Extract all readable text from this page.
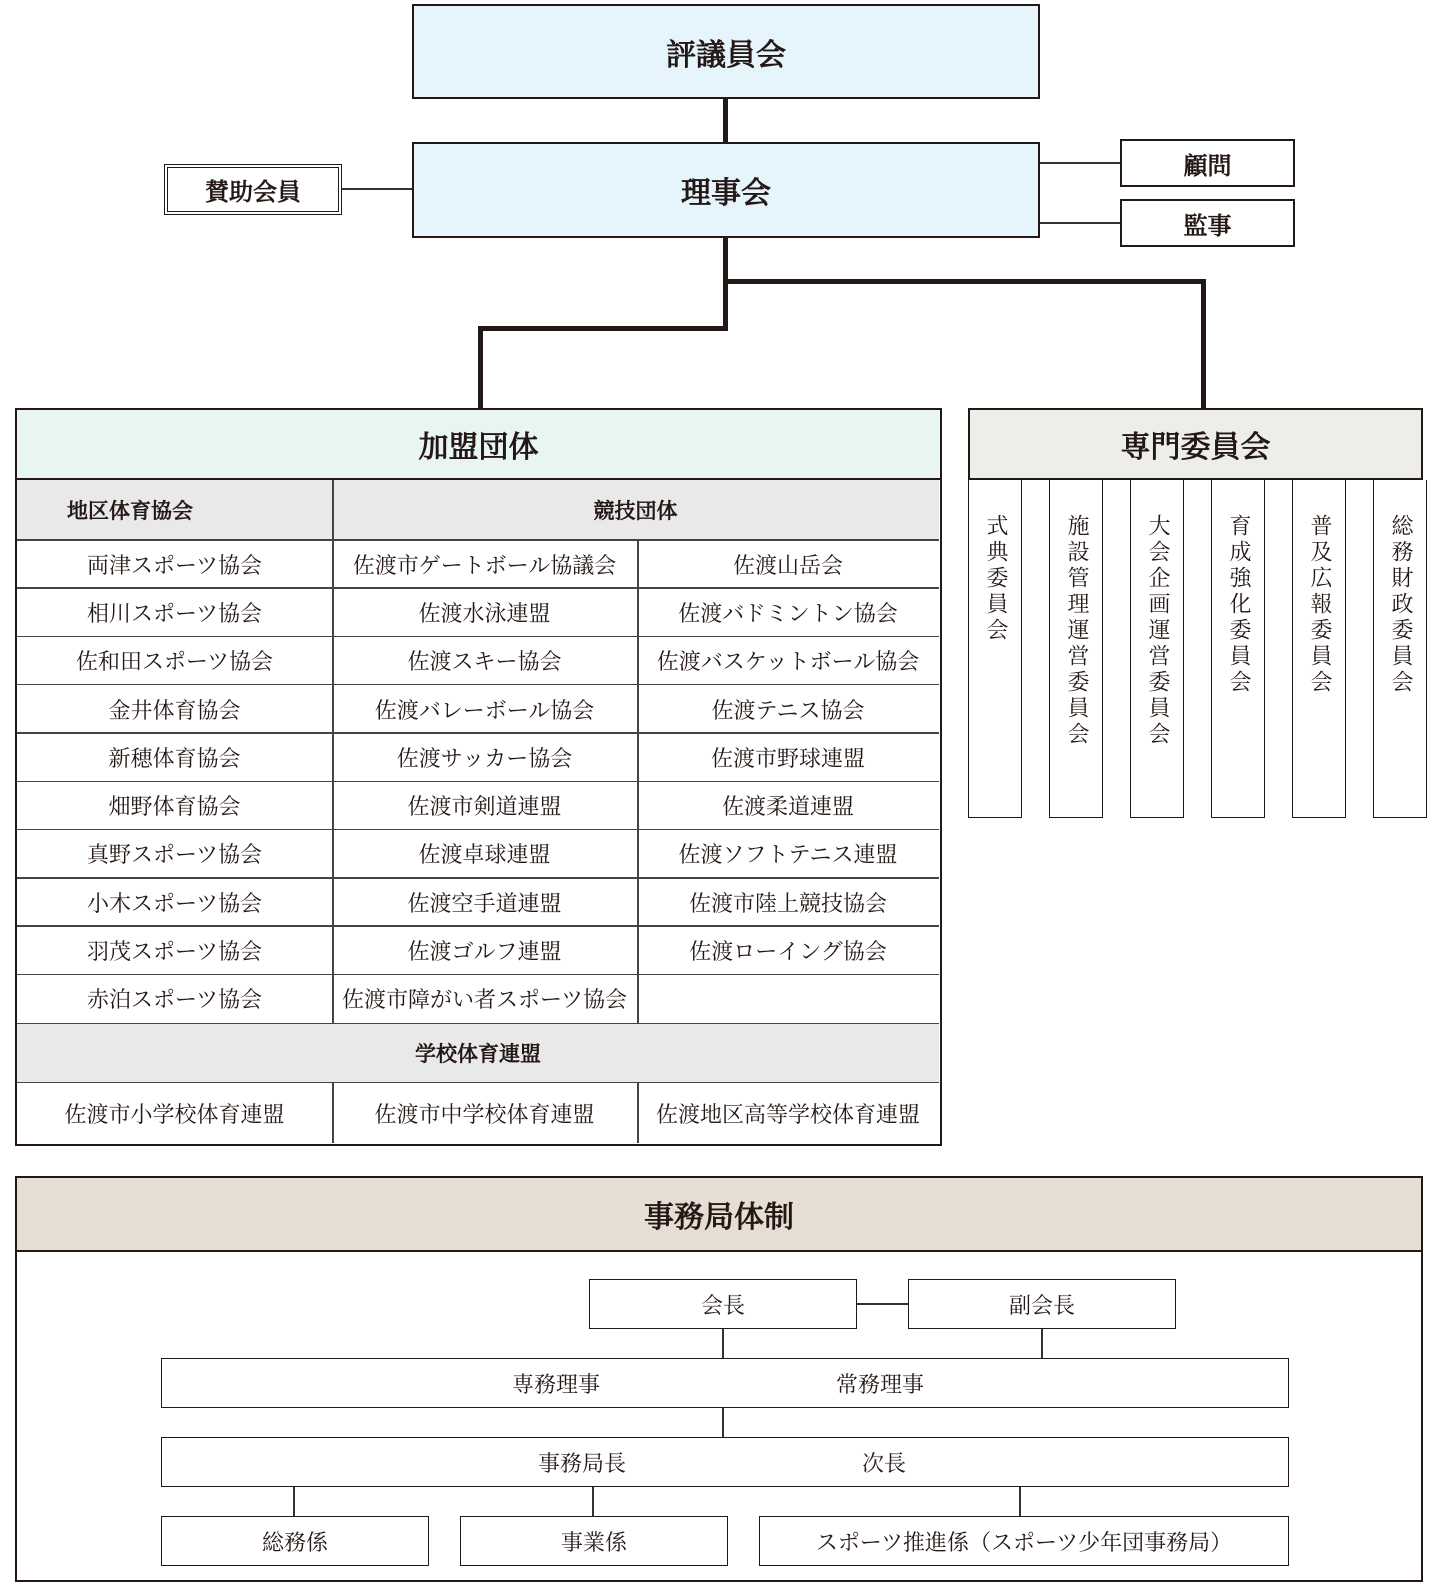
評議員会
理事会
賛助会員
顧問
監事
加盟団体
地区体育協会	競技団体
両津スポーツ協会	佐渡市ゲートボール協議会	佐渡山岳会
相川スポーツ協会	佐渡水泳連盟	佐渡バドミントン協会
佐和田スポーツ協会	佐渡スキー協会	佐渡バスケットボール協会
金井体育協会	佐渡バレーボール協会	佐渡テニス協会
新穂体育協会	佐渡サッカー協会	佐渡市野球連盟
畑野体育協会	佐渡市剣道連盟	佐渡柔道連盟
真野スポーツ協会	佐渡卓球連盟	佐渡ソフトテニス連盟
小木スポーツ協会	佐渡空手道連盟	佐渡市陸上競技協会
羽茂スポーツ協会	佐渡ゴルフ連盟	佐渡ローイング協会
赤泊スポーツ協会	佐渡市障がい者スポーツ協会
学校体育連盟
佐渡市小学校体育連盟	佐渡市中学校体育連盟	佐渡地区高等学校体育連盟
専門委員会
式典委員会	施設管理運営委員会	大会企画運営委員会	育成強化委員会	普及広報委員会	総務財政委員会
事務局体制
会長	副会長
専務理事	常務理事
事務局長	次長
総務係	事業係	スポーツ推進係（スポーツ少年団事務局）
